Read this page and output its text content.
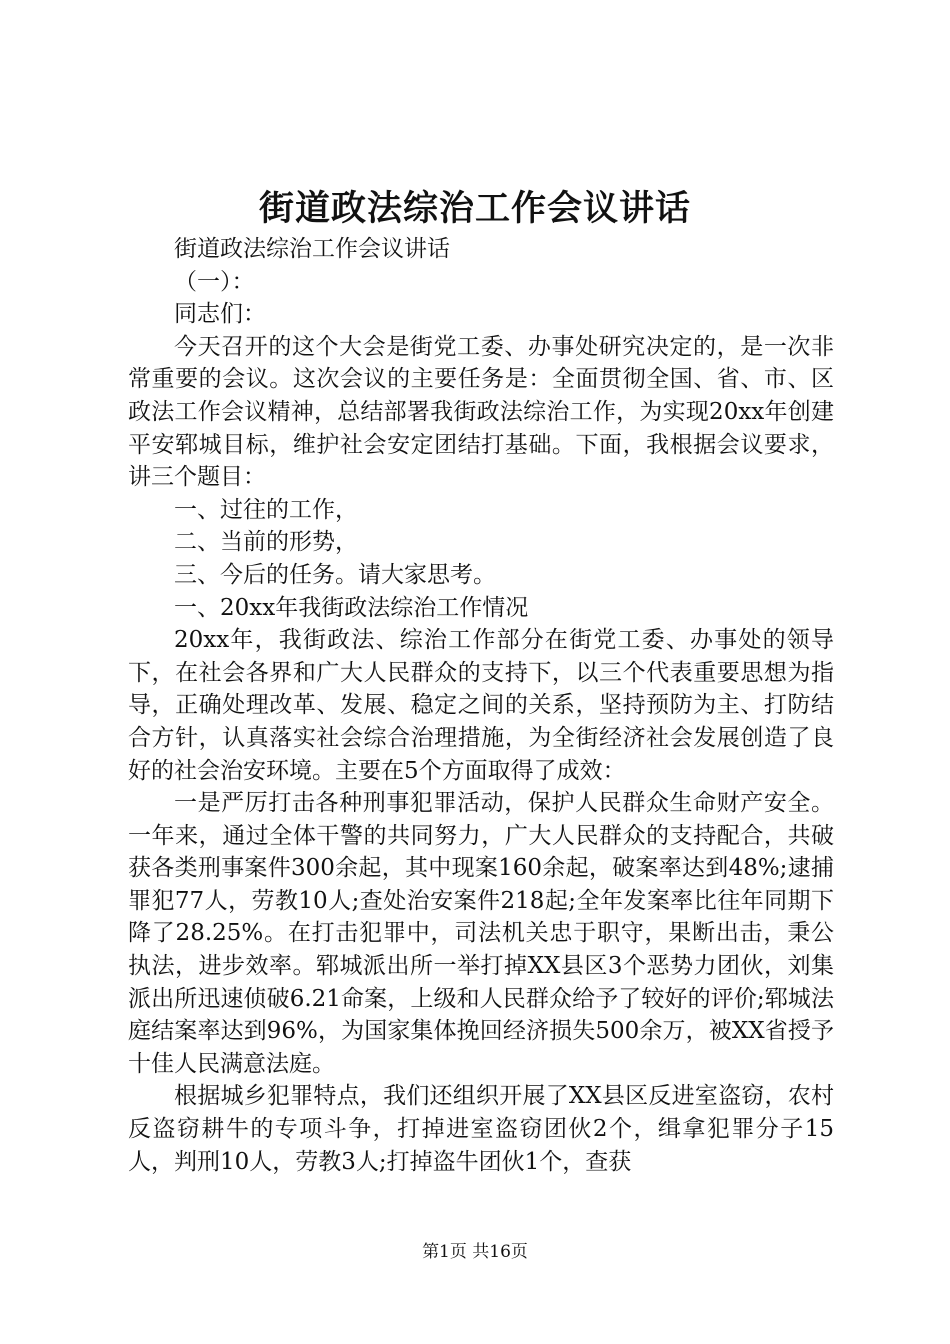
街道政法综治工作会议讲话

街道政法综治工作会议讲话

（一）：

同志们：

今天召开的这个大会是街党工委、办事处研究决定的，是一次非常重要的会议。这次会议的主要任务是：全面贯彻全国、省、市、区政法工作会议精神，总结部署我街政法综治工作，为实现20xx年创建平安郓城目标，维护社会安定团结打基础。下面，我根据会议要求，讲三个题目：

一、过往的工作，

二、当前的形势，

三、今后的任务。请大家思考。

一、20xx年我街政法综治工作情况

20xx年，我街政法、综治工作部分在街党工委、办事处的领导下，在社会各界和广大人民群众的支持下，以三个代表重要思想为指导，正确处理改革、发展、稳定之间的关系，坚持预防为主、打防结合方针，认真落实社会综合治理措施，为全街经济社会发展创造了良好的社会治安环境。主要在5个方面取得了成效：

一是严厉打击各种刑事犯罪活动，保护人民群众生命财产安全。一年来，通过全体干警的共同努力，广大人民群众的支持配合，共破获各类刑事案件300余起，其中现案160余起，破案率达到48%;逮捕罪犯77人，劳教10人;查处治安案件218起;全年发案率比往年同期下降了28.25%。在打击犯罪中，司法机关忠于职守，果断出击，秉公执法，进步效率。郓城派出所一举打掉XX县区3个恶势力团伙，刘集派出所迅速侦破6.21命案，上级和人民群众给予了较好的评价;郓城法庭结案率达到96%，为国家集体挽回经济损失500余万，被XX省授予十佳人民满意法庭。

根据城乡犯罪特点，我们还组织开展了XX县区反进室盗窃，农村反盗窃耕牛的专项斗争，打掉进室盗窃团伙2个，缉拿犯罪分子15人，判刑10人，劳教3人;打掉盗牛团伙1个，查获

第1页 共16页
